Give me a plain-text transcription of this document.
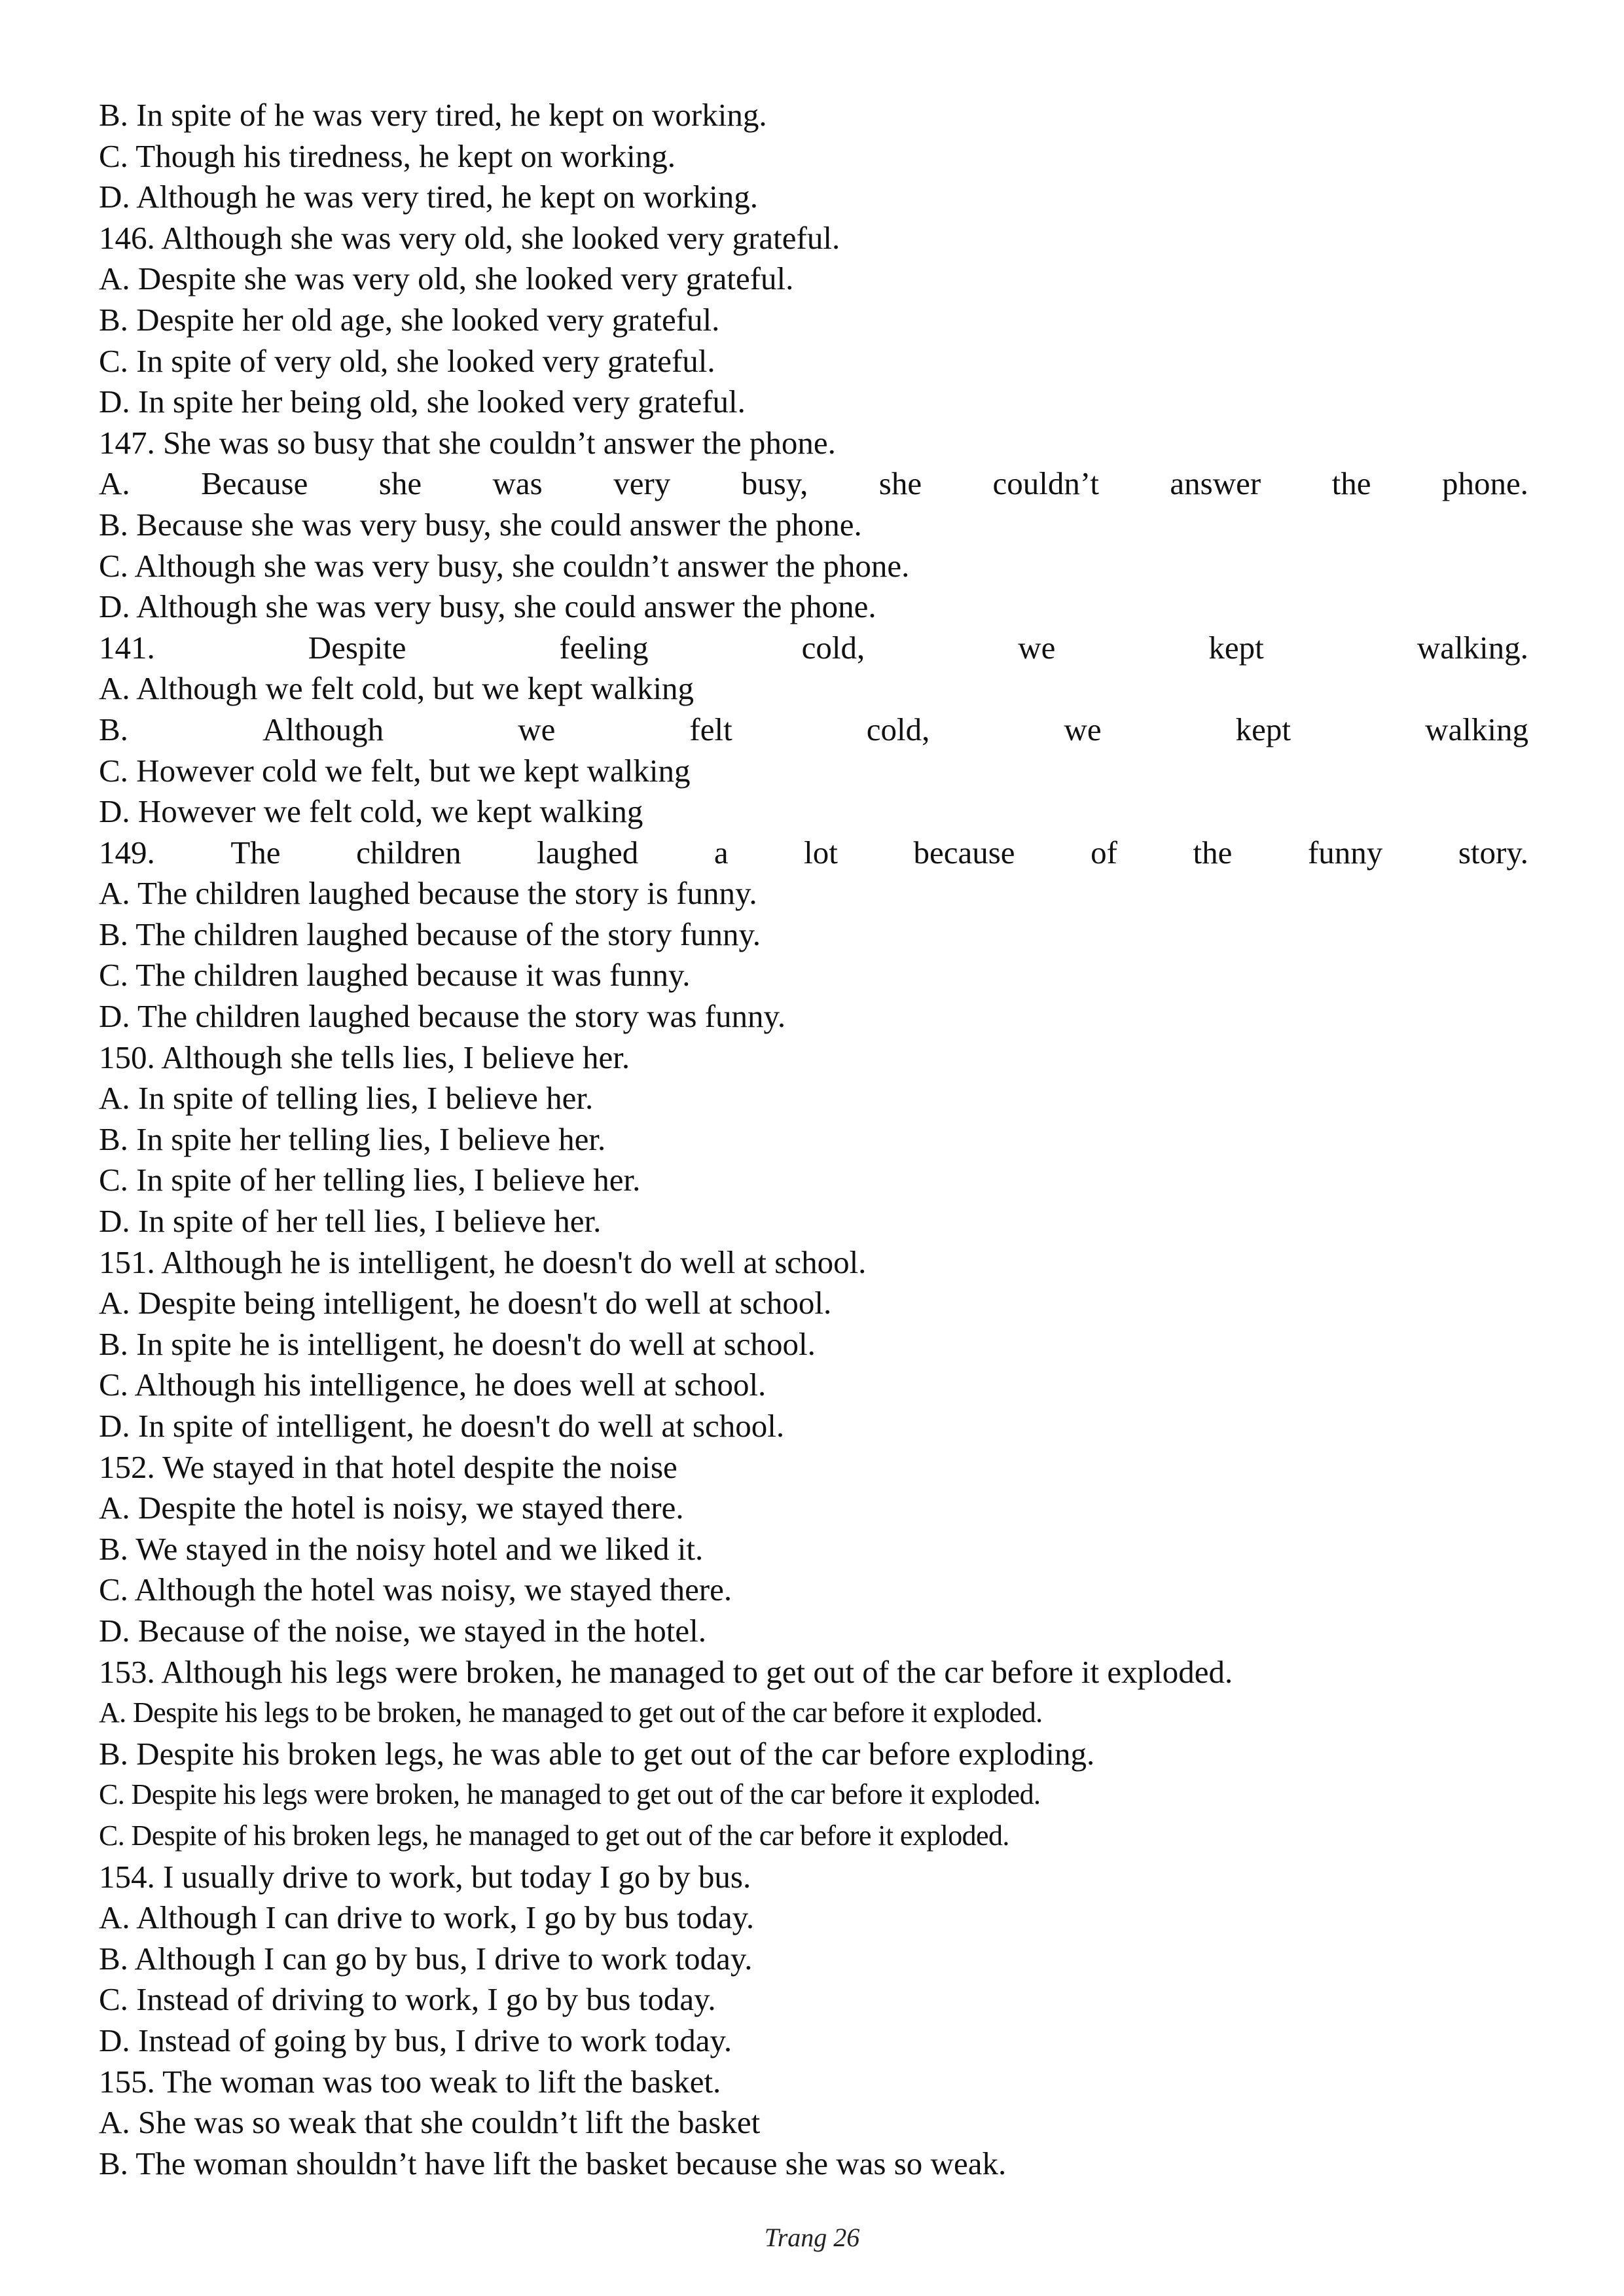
B. In spite of he was very tired, he kept on working.
C. Though his tiredness, he kept on working.
D. Although he was very tired, he kept on working.
146. Although she was very old, she looked very grateful.
A. Despite she was very old, she looked very grateful.
B. Despite her old age, she looked very grateful.
C. In spite of very old, she looked very grateful.
D. In spite her being old, she looked very grateful.
147. She was so busy that she couldn’t answer the phone.
A. Because she was very busy, she couldn’t answer the phone.
B. Because she was very busy, she could answer the phone.
C. Although she was very busy, she couldn’t answer the phone.
D. Although she was very busy, she could answer the phone.
141.	Despite	feeling	cold,	we	kept	walking.
A. Although we felt cold, but we kept walking
B.	Although	we	felt	cold,	we	kept	walking
C. However cold we felt, but we kept walking
D. However we felt cold, we kept walking
149. The children laughed a lot because of the funny story.
A. The children laughed because the story is funny.
B. The children laughed because of the story funny.
C. The children laughed because it was funny.
D. The children laughed because the story was funny.
150. Although she tells lies, I believe her.
A. In spite of telling lies, I believe her.
B. In spite her telling lies, I believe her.
C. In spite of her telling lies, I believe her.
D. In spite of her tell lies, I believe her.
151. Although he is intelligent, he doesn't do well at school.
A. Despite being intelligent, he doesn't do well at school.
B. In spite he is intelligent, he doesn't do well at school.
C. Although his intelligence, he does well at school.
D. In spite of intelligent, he doesn't do well at school.
152. We stayed in that hotel despite the noise
A. Despite the hotel is noisy, we stayed there.
B. We stayed in the noisy hotel and we liked it.
C. Although the hotel was noisy, we stayed there.
D. Because of the noise, we stayed in the hotel.
153. Although his legs were broken, he managed to get out of the car before it exploded.
A. Despite his legs to be broken, he managed to get out of the car before it exploded.
B. Despite his broken legs, he was able to get out of the car before exploding.
C. Despite his legs were broken, he managed to get out of the car before it exploded.
C. Despite of his broken legs, he managed to get out of the car before it exploded.
154. I usually drive to work, but today I go by bus.
A. Although I can drive to work, I go by bus today.
B. Although I can go by bus, I drive to work today.
C. Instead of driving to work, I go by bus today.
D. Instead of going by bus, I drive to work today.
155. The woman was too weak to lift the basket.
A. She was so weak that she couldn’t lift the basket
B. The woman shouldn’t have lift the basket because she was so weak.
Trang 26
